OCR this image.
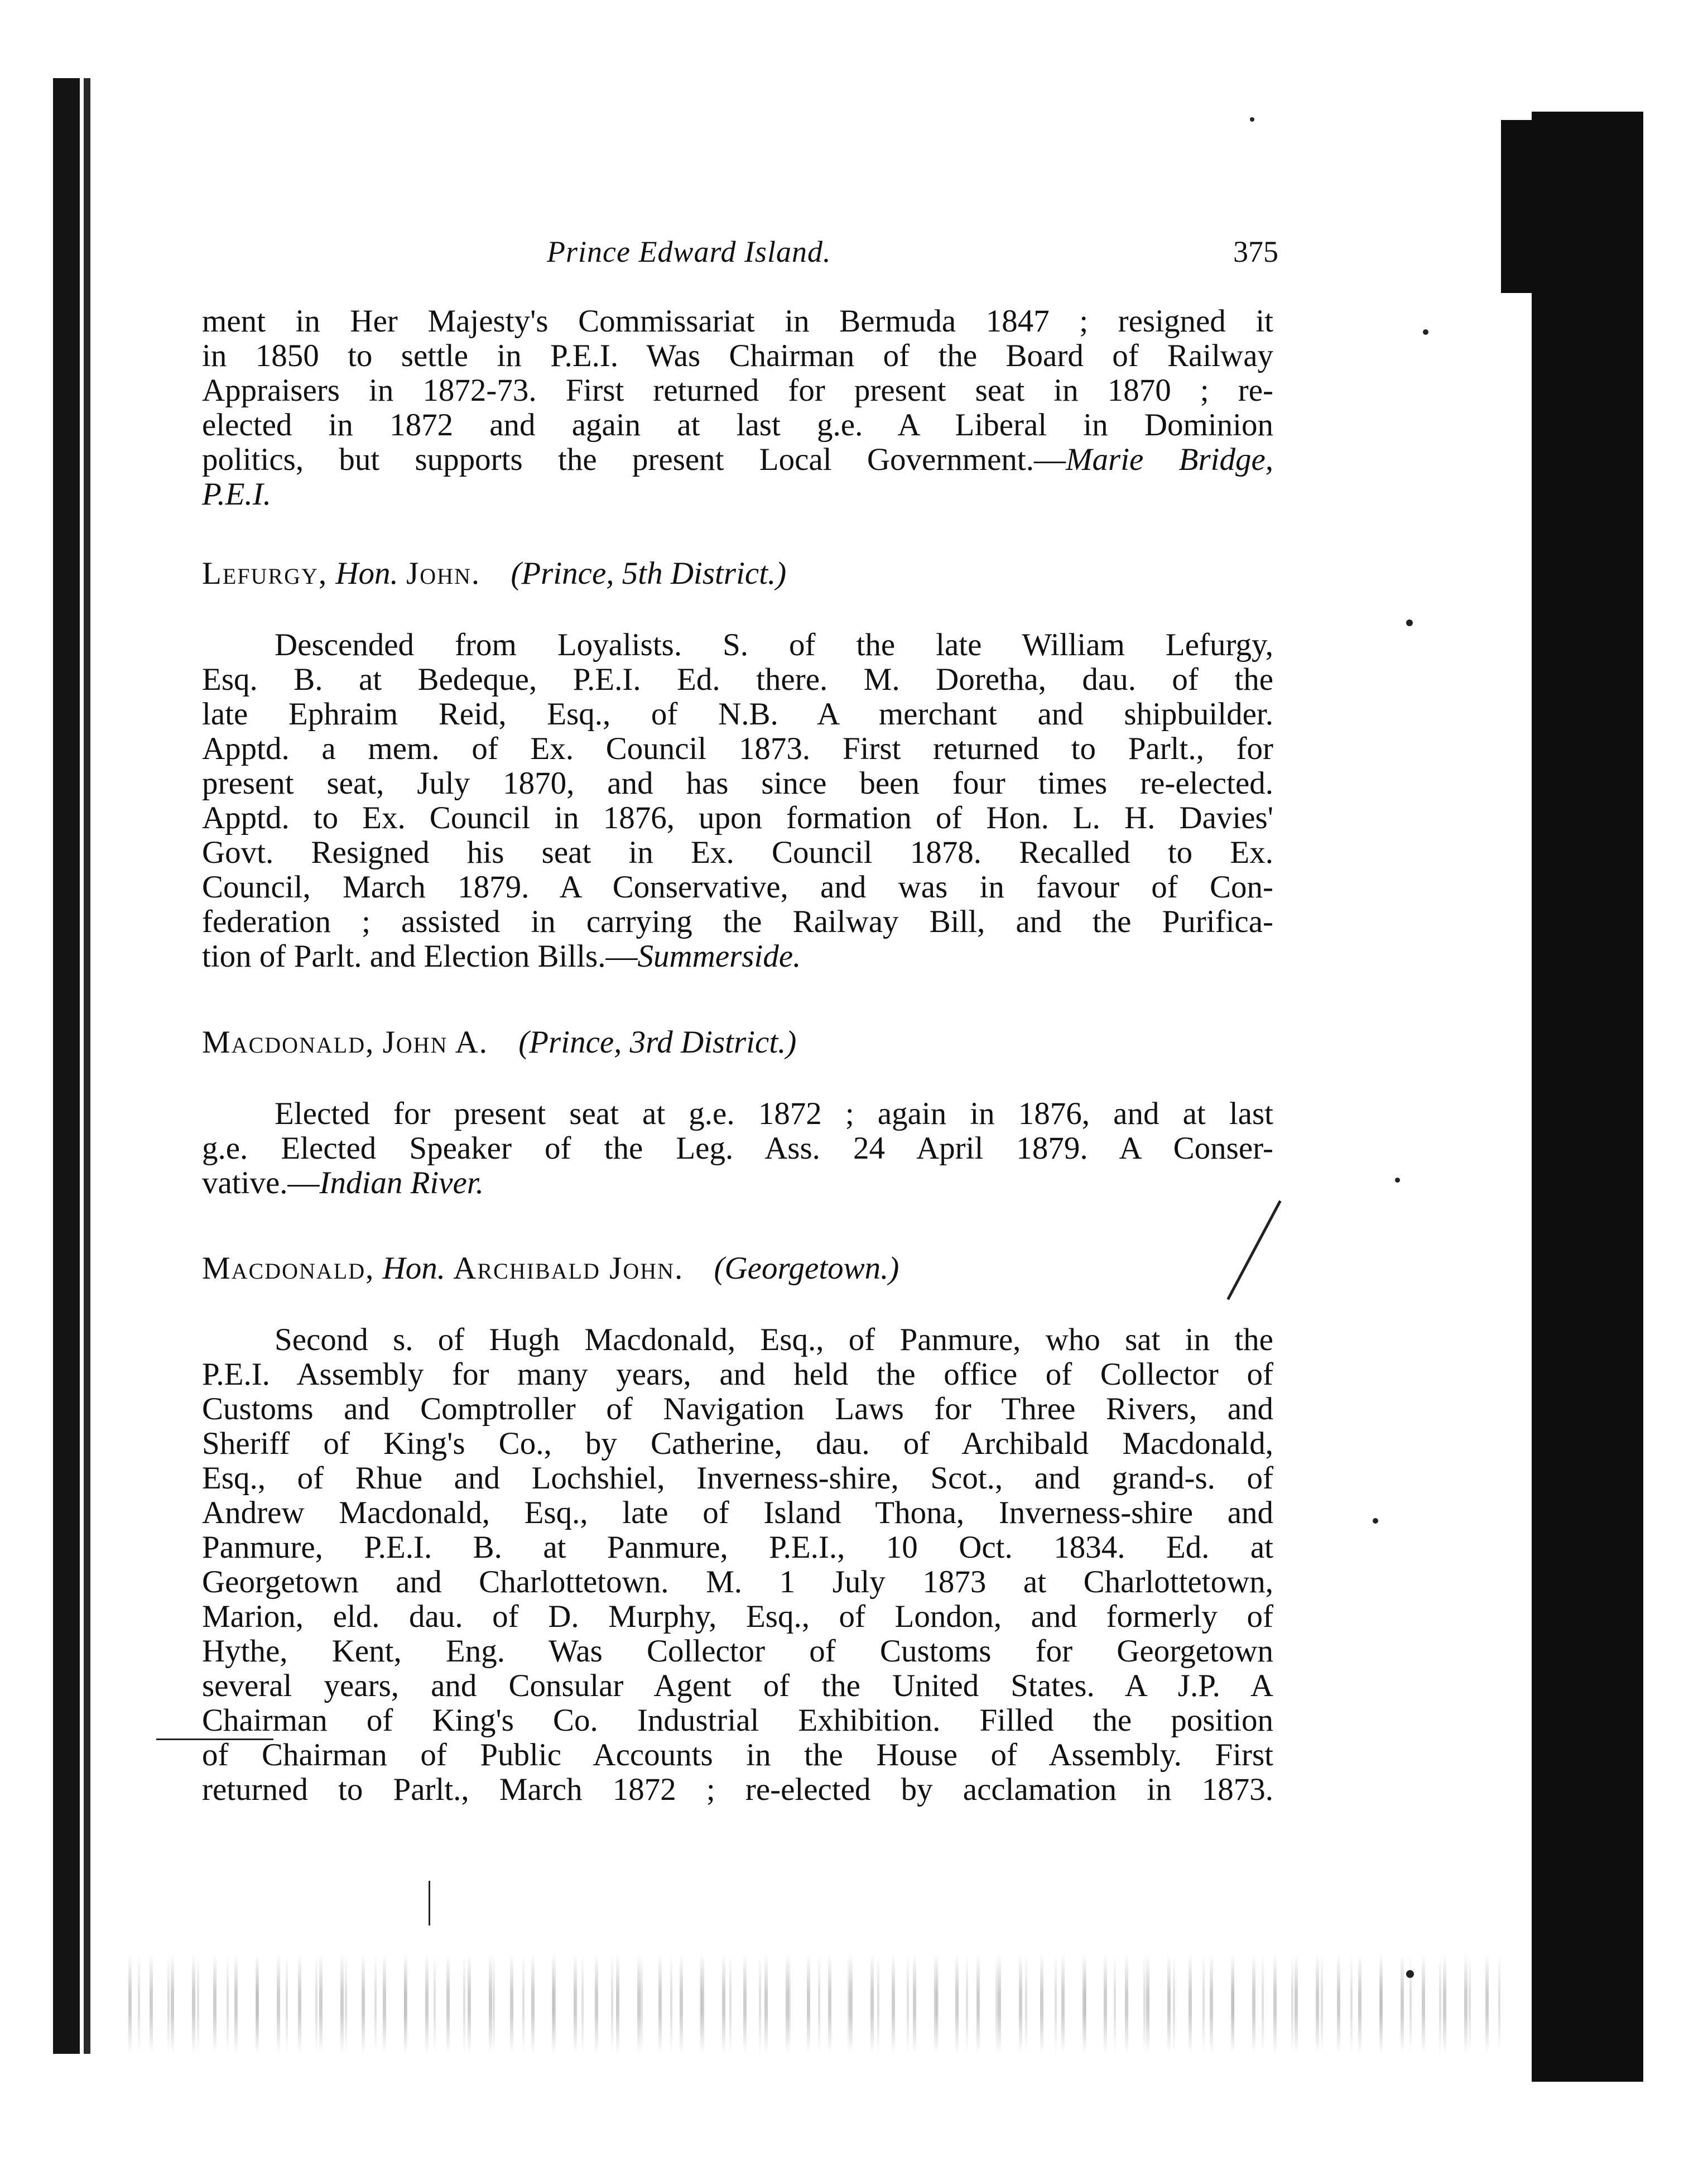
Prince Edward Island.	375
ment in Her Majesty's Commissariat in Bermuda 1847 ; resigned it
in 1850 to settle in P.E.I. Was Chairman of the Board of Railway
Appraisers in 1872-73. First returned for present seat in 1870 ; re-
elected in 1872 and again at last g.e. A Liberal in Dominion
politics, but supports the present Local Government.—Marie Bridge,
P.E.I.
Lefurgy, Hon. John. (Prince, 5th District.)
Descended from Loyalists. S. of the late William Lefurgy,
Esq. B. at Bedeque, P.E.I. Ed. there. M. Doretha, dau. of the
late Ephraim Reid, Esq., of N.B. A merchant and shipbuilder.
Apptd. a mem. of Ex. Council 1873. First returned to Parlt., for
present seat, July 1870, and has since been four times re-elected.
Apptd. to Ex. Council in 1876, upon formation of Hon. L. H. Davies'
Govt. Resigned his seat in Ex. Council 1878. Recalled to Ex.
Council, March 1879. A Conservative, and was in favour of Con-
federation ; assisted in carrying the Railway Bill, and the Purifica-
tion of Parlt. and Election Bills.—Summerside.
Macdonald, John A. (Prince, 3rd District.)
Elected for present seat at g.e. 1872 ; again in 1876, and at last
g.e. Elected Speaker of the Leg. Ass. 24 April 1879. A Conser-
vative.—Indian River.
Macdonald, Hon. Archibald John. (Georgetown.)
Second s. of Hugh Macdonald, Esq., of Panmure, who sat in the
P.E.I. Assembly for many years, and held the office of Collector of
Customs and Comptroller of Navigation Laws for Three Rivers, and
Sheriff of King's Co., by Catherine, dau. of Archibald Macdonald,
Esq., of Rhue and Lochshiel, Inverness-shire, Scot., and grand-s. of
Andrew Macdonald, Esq., late of Island Thona, Inverness-shire and
Panmure, P.E.I. B. at Panmure, P.E.I., 10 Oct. 1834. Ed. at
Georgetown and Charlottetown. M. 1 July 1873 at Charlottetown,
Marion, eld. dau. of D. Murphy, Esq., of London, and formerly of
Hythe, Kent, Eng. Was Collector of Customs for Georgetown
several years, and Consular Agent of the United States. A J.P. A
Chairman of King's Co. Industrial Exhibition. Filled the position
of Chairman of Public Accounts in the House of Assembly. First
returned to Parlt., March 1872 ; re-elected by acclamation in 1873.
